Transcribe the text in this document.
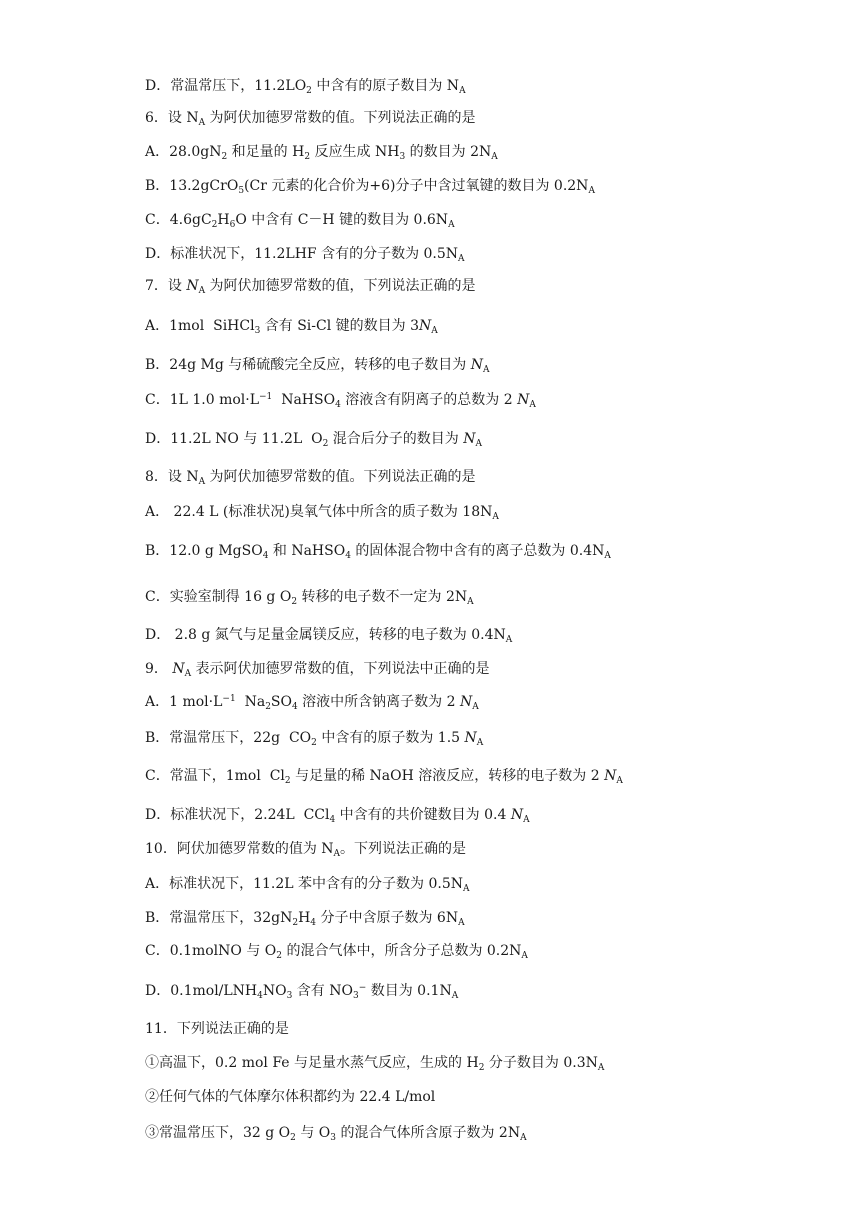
D．常温常压下，$11.2LO_2$ 中含有的原子数目为 $N_A$
6．设 $N_A$ 为阿伏加德罗常数的值。下列说法正确的是
A．$28.0gN_2$ 和足量的 $H_2$ 反应生成 $NH_3$ 的数目为 $2N_A$
B．13.2gCrO$_5$(Cr 元素的化合价为+6)分子中含过氧键的数目为 $0.2N_A$
C．$4.6gC_2H_6O$ 中含有 C－H 键的数目为 $0.6N_A$
D．标准状况下，11.2LHF 含有的分子数为 $0.5N_A$
7．设 $N_A$ 为阿伏加德罗常数的值，下列说法正确的是
A．1mol  SiHCl$_3$ 含有 Si-Cl 键的数目为 $3N_A$
B．24g Mg 与稀硫酸完全反应，转移的电子数目为 $N_A$
C．1L 1.0 $mol\cdot L^{-1}$  NaHSO$_4$ 溶液含有阴离子的总数为 2 $N_A$
D．11.2L NO 与 11.2L  $O_2$ 混合后分子的数目为 $N_A$
8．设 $N_A$ 为阿伏加德罗常数的值。下列说法正确的是
A． 22.4 L (标准状况)臭氧气体中所含的质子数为 $18N_A$
B．12.0 g MgSO$_4$ 和 NaHSO$_4$ 的固体混合物中含有的离子总数为 $0.4N_A$
C．实验室制得 16 g $O_2$ 转移的电子数不一定为 $2N_A$
D． 2.8 g 氮气与足量金属镁反应，转移的电子数为 $0.4N_A$
9． $N_A$ 表示阿伏加德罗常数的值，下列说法中正确的是
A．1 $mol\cdot L^{-1}$  $Na_2SO_4$ 溶液中所含钠离子数为 2 $N_A$
B．常温常压下，22g  $CO_2$ 中含有的原子数为 1.5 $N_A$
C．常温下，1mol  $Cl_2$ 与足量的稀 NaOH 溶液反应，转移的电子数为 2 $N_A$
D．标准状况下，2.24L  CCl$_4$ 中含有的共价键数目为 0.4 $N_A$
10．阿伏加德罗常数的值为 $N_A$。下列说法正确的是
A．标准状况下，11.2L 苯中含有的分子数为 $0.5N_A$
B．常温常压下，$32gN_2H_4$ 分子中含原子数为 $6N_A$
C．0.1molNO 与 $O_2$ 的混合气体中，所含分子总数为 $0.2N_A$
D．$0.1mol/LNH_4NO_3$ 含有 $NO_3^-$ 数目为 $0.1N_A$
11．下列说法正确的是
①高温下，0.2 mol Fe 与足量水蒸气反应，生成的 $H_2$ 分子数目为 $0.3N_A$
②任何气体的气体摩尔体积都约为 22.4 L/mol
③常温常压下，32 g $O_2$ 与 $O_3$ 的混合气体所含原子数为 $2N_A$
